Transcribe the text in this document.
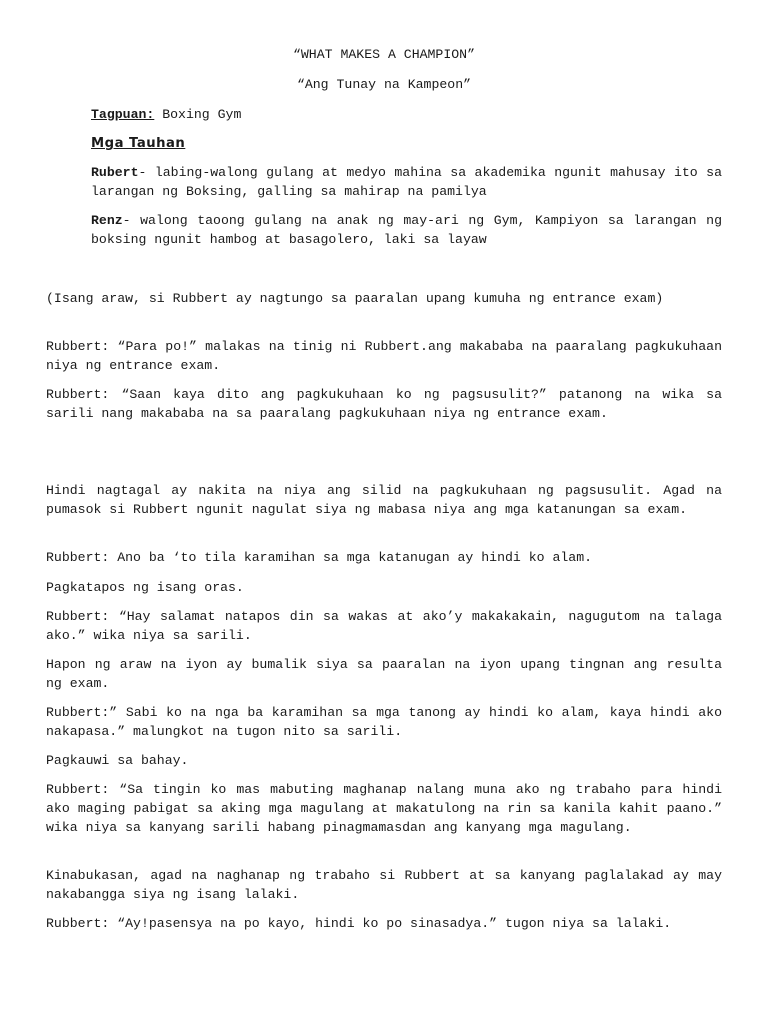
“WHAT MAKES A CHAMPION”
“Ang Tunay na Kampeon”
Tagpuan: Boxing Gym
Mga Tauhan
Rubert- labing-walong gulang at medyo mahina sa akademika ngunit mahusay ito sa larangan ng Boksing, galling sa mahirap na pamilya
Renz- walong taoong gulang na anak ng may-ari ng Gym, Kampiyon sa larangan ng boksing ngunit hambog at basagolero, laki sa layaw
(Isang araw, si Rubbert ay nagtungo sa paaralan upang kumuha ng entrance exam)
Rubbert: “Para po!” malakas na tinig ni Rubbert.ang makababa na paaralang pagkukuhaan niya ng entrance exam.
Rubbert: “Saan kaya dito ang pagkukuhaan ko ng pagsusulit?” patanong na wika sa sarili nang makababa na sa paaralang pagkukuhaan niya ng entrance exam.
Hindi nagtagal ay nakita na niya ang silid na pagkukuhaan ng pagsusulit. Agad na pumasok si Rubbert ngunit nagulat siya ng mabasa niya ang mga katanungan sa exam.
Rubbert: Ano ba ‘to tila karamihan sa mga katanugan ay hindi ko alam.
Pagkatapos ng isang oras.
Rubbert: “Hay salamat natapos din sa wakas at ako’y makakakain, nagugutom na talaga ako.” wika niya sa sarili.
Hapon ng araw na iyon ay bumalik siya sa paaralan na iyon upang tingnan ang resulta ng exam.
Rubbert:” Sabi ko na nga ba karamihan sa mga tanong ay hindi ko alam, kaya hindi ako nakapasa.” malungkot na tugon nito sa sarili.
Pagkauwi sa bahay.
Rubbert: “Sa tingin ko mas mabuting maghanap nalang muna ako ng trabaho para hindi ako maging pabigat sa aking mga magulang at makatulong na rin sa kanila kahit paano.” wika niya sa kanyang sarili habang pinagmamasdan ang kanyang mga magulang.
Kinabukasan, agad na naghanap ng trabaho si Rubbert at sa kanyang paglalakad ay may nakabangga siya ng isang lalaki.
Rubbert: “Ay!pasensya na po kayo, hindi ko po sinasadya.” tugon niya sa lalaki.
